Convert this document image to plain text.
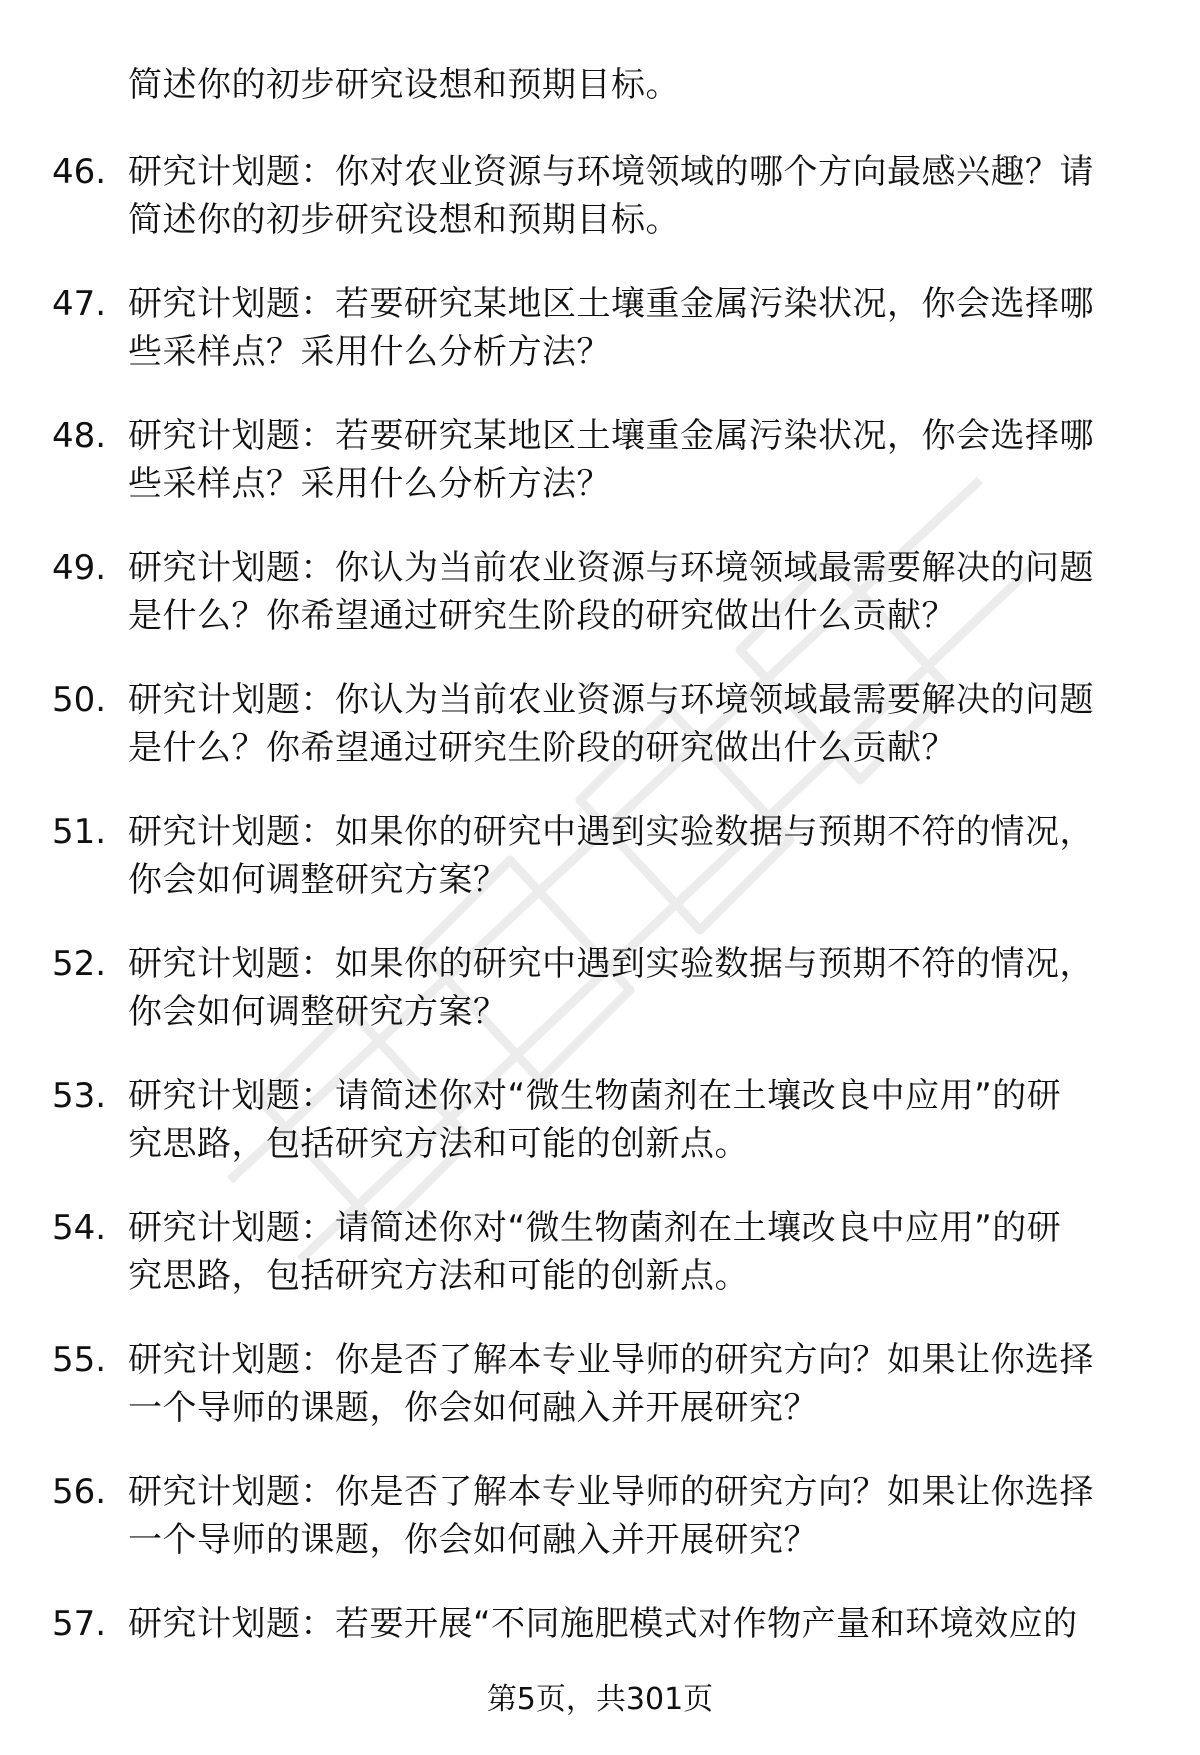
简述你的初步研究设想和预期目标。
46. 研究计划题：你对农业资源与环境领域的哪个方向最感兴趣？请
简述你的初步研究设想和预期目标。
47. 研究计划题：若要研究某地区土壤重金属污染状况，你会选择哪
些采样点？采用什么分析方法？
48. 研究计划题：若要研究某地区土壤重金属污染状况，你会选择哪
些采样点？采用什么分析方法？
49. 研究计划题：你认为当前农业资源与环境领域最需要解决的问题
是什么？你希望通过研究生阶段的研究做出什么贡献？
50. 研究计划题：你认为当前农业资源与环境领域最需要解决的问题
是什么？你希望通过研究生阶段的研究做出什么贡献？
51. 研究计划题：如果你的研究中遇到实验数据与预期不符的情况，
你会如何调整研究方案？
52. 研究计划题：如果你的研究中遇到实验数据与预期不符的情况，
你会如何调整研究方案？
53. 研究计划题：请简述你对“微生物菌剂在土壤改良中应用”的研
究思路，包括研究方法和可能的创新点。
54. 研究计划题：请简述你对“微生物菌剂在土壤改良中应用”的研
究思路，包括研究方法和可能的创新点。
55. 研究计划题：你是否了解本专业导师的研究方向？如果让你选择
一个导师的课题，你会如何融入并开展研究？
56. 研究计划题：你是否了解本专业导师的研究方向？如果让你选择
一个导师的课题，你会如何融入并开展研究？
57. 研究计划题：若要开展“不同施肥模式对作物产量和环境效应的
第5页，共301页
